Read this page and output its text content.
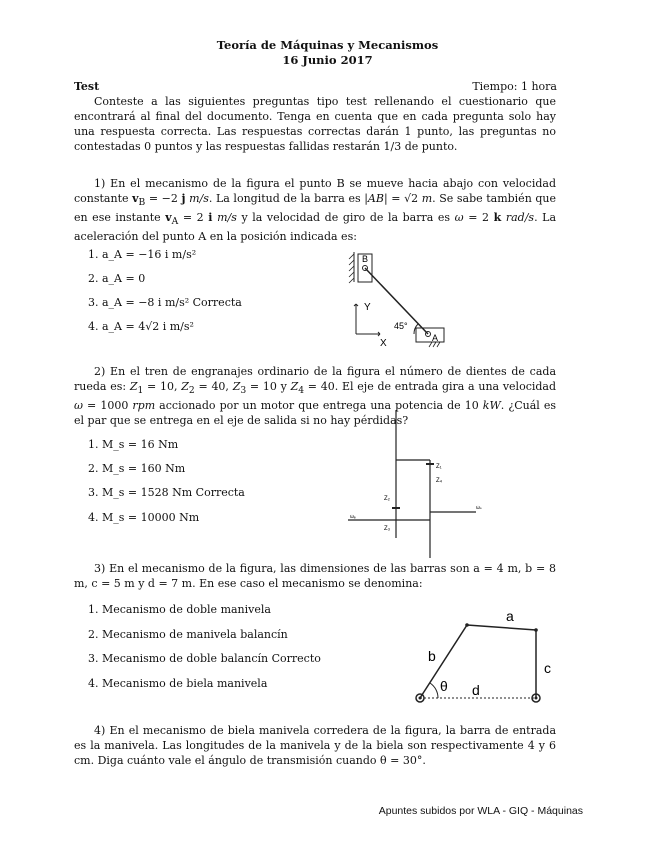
Teoría de Máquinas y Mecanismos
16 Junio 2017
Test	Tiempo: 1 hora

Conteste a las siguientes preguntas tipo test rellenando el cuestionario que encontrará al final del documento. Tenga en cuenta que en cada pregunta solo hay una respuesta correcta. Las respuestas correctas darán 1 punto, las preguntas no contestadas 0 puntos y las respuestas fallidas restarán 1/3 de punto.

1) En el mecanismo de la figura el punto B se mueve hacia abajo con velocidad constante $v_B = -2$ j m/s. La longitud de la barra es |AB| = √2 m. Se sabe también que en ese instante $v_A = 2$ i m/s y la velocidad de giro de la barra es ω = 2 k rad/s. La aceleración del punto A en la posición indicada es:

1. a_A = −16 i m/s²
2. a_A = 0
3. a_A = −8 i m/s² Correcta
4. a_A = 4√2 i m/s²
B
Y
X
45°
A

2) En el tren de engranajes ordinario de la figura el número de dientes de cada rueda es: $Z_1 = 10$, $Z_2 = 40$, $Z_3 = 10$ y $Z_4 = 40$. El eje de entrada gira a una velocidad ω = 1000 rpm accionado por un motor que entrega una potencia de 10 kW. ¿Cuál es el par que se entrega en el eje de salida si no hay pérdidas?

1. M_s = 16 Nm
2. M_s = 160 Nm
3. M_s = 1528 Nm Correcta
4. M_s = 10000 Nm
Z₁
Z₄
Z₂
Z₃
ωₑ
ωₛ

3) En el mecanismo de la figura, las dimensiones de las barras son a = 4 m, b = 8 m, c = 5 m y d = 7 m. En ese caso el mecanismo se denomina:

1. Mecanismo de doble manivela
2. Mecanismo de manivela balancín
3. Mecanismo de doble balancín Correcto
4. Mecanismo de biela manivela
a
b
c
d
θ

4) En el mecanismo de biela manivela corredera de la figura, la barra de entrada es la manivela. Las longitudes de la manivela y de la biela son respectivamente 4 y 6 cm. Diga cuánto vale el ángulo de transmisión cuando θ = 30°.

Apuntes subidos por WLA - GIQ - Máquinas
